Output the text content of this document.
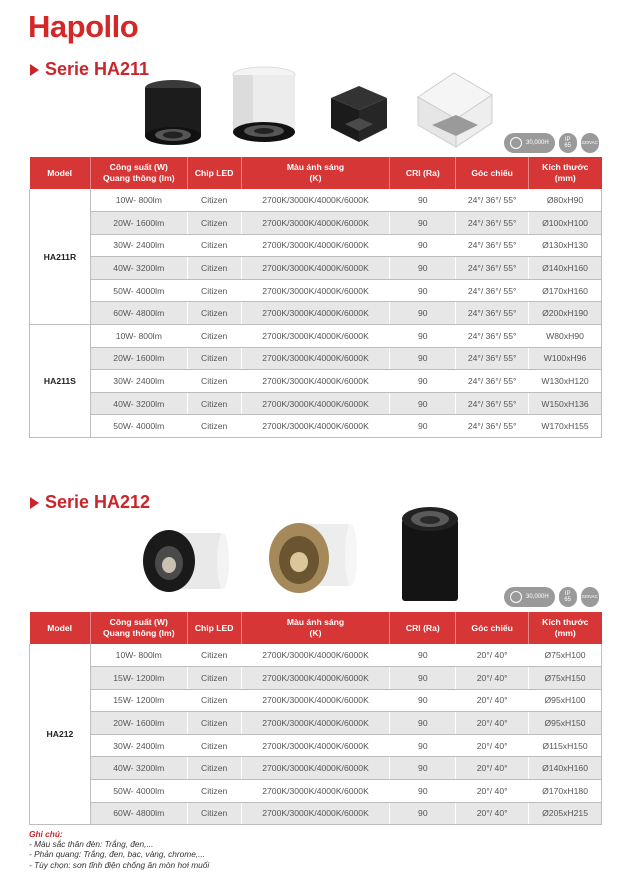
Hapollo
Serie HA211
30,000H
IP
65
220VAC
Model	Công suất (W)
Quang thông (lm)	Chip LED	Màu ánh sáng
(K)	CRI (Ra)	Góc chiếu	Kích thước
(mm)
HA211R	10W- 800lm	Citizen	2700K/3000K/4000K/6000K	90	24°/ 36°/ 55°	Ø80xH90
	20W- 1600lm	Citizen	2700K/3000K/4000K/6000K	90	24°/ 36°/ 55°	Ø100xH100
	30W- 2400lm	Citizen	2700K/3000K/4000K/6000K	90	24°/ 36°/ 55°	Ø130xH130
	40W- 3200lm	Citizen	2700K/3000K/4000K/6000K	90	24°/ 36°/ 55°	Ø140xH160
	50W- 4000lm	Citizen	2700K/3000K/4000K/6000K	90	24°/ 36°/ 55°	Ø170xH160
	60W- 4800lm	Citizen	2700K/3000K/4000K/6000K	90	24°/ 36°/ 55°	Ø200xH190
HA211S	10W- 800lm	Citizen	2700K/3000K/4000K/6000K	90	24°/ 36°/ 55°	W80xH90
	20W- 1600lm	Citizen	2700K/3000K/4000K/6000K	90	24°/ 36°/ 55°	W100xH96
	30W- 2400lm	Citizen	2700K/3000K/4000K/6000K	90	24°/ 36°/ 55°	W130xH120
	40W- 3200lm	Citizen	2700K/3000K/4000K/6000K	90	24°/ 36°/ 55°	W150xH136
	50W- 4000lm	Citizen	2700K/3000K/4000K/6000K	90	24°/ 36°/ 55°	W170xH155
Serie HA212
30,000H
IP
65
220VAC
Model	Công suất (W)
Quang thông (lm)	Chip LED	Màu ánh sáng
(K)	CRI (Ra)	Góc chiếu	Kích thước
(mm)
HA212	10W- 800lm	Citizen	2700K/3000K/4000K/6000K	90	20°/ 40°	Ø75xH100
	15W- 1200lm	Citizen	2700K/3000K/4000K/6000K	90	20°/ 40°	Ø75xH150
	15W- 1200lm	Citizen	2700K/3000K/4000K/6000K	90	20°/ 40°	Ø95xH100
	20W- 1600lm	Citizen	2700K/3000K/4000K/6000K	90	20°/ 40°	Ø95xH150
	30W- 2400lm	Citizen	2700K/3000K/4000K/6000K	90	20°/ 40°	Ø115xH150
	40W- 3200lm	Citizen	2700K/3000K/4000K/6000K	90	20°/ 40°	Ø140xH160
	50W- 4000lm	Citizen	2700K/3000K/4000K/6000K	90	20°/ 40°	Ø170xH180
	60W- 4800lm	Citizen	2700K/3000K/4000K/6000K	90	20°/ 40°	Ø205xH215
Ghi chú:
- Màu sắc thân đèn: Trắng, đen,...
- Phản quang: Trắng, đen, bạc, vàng, chrome,...
- Tùy chọn: sơn tĩnh điện chống ăn mòn hơi muối
